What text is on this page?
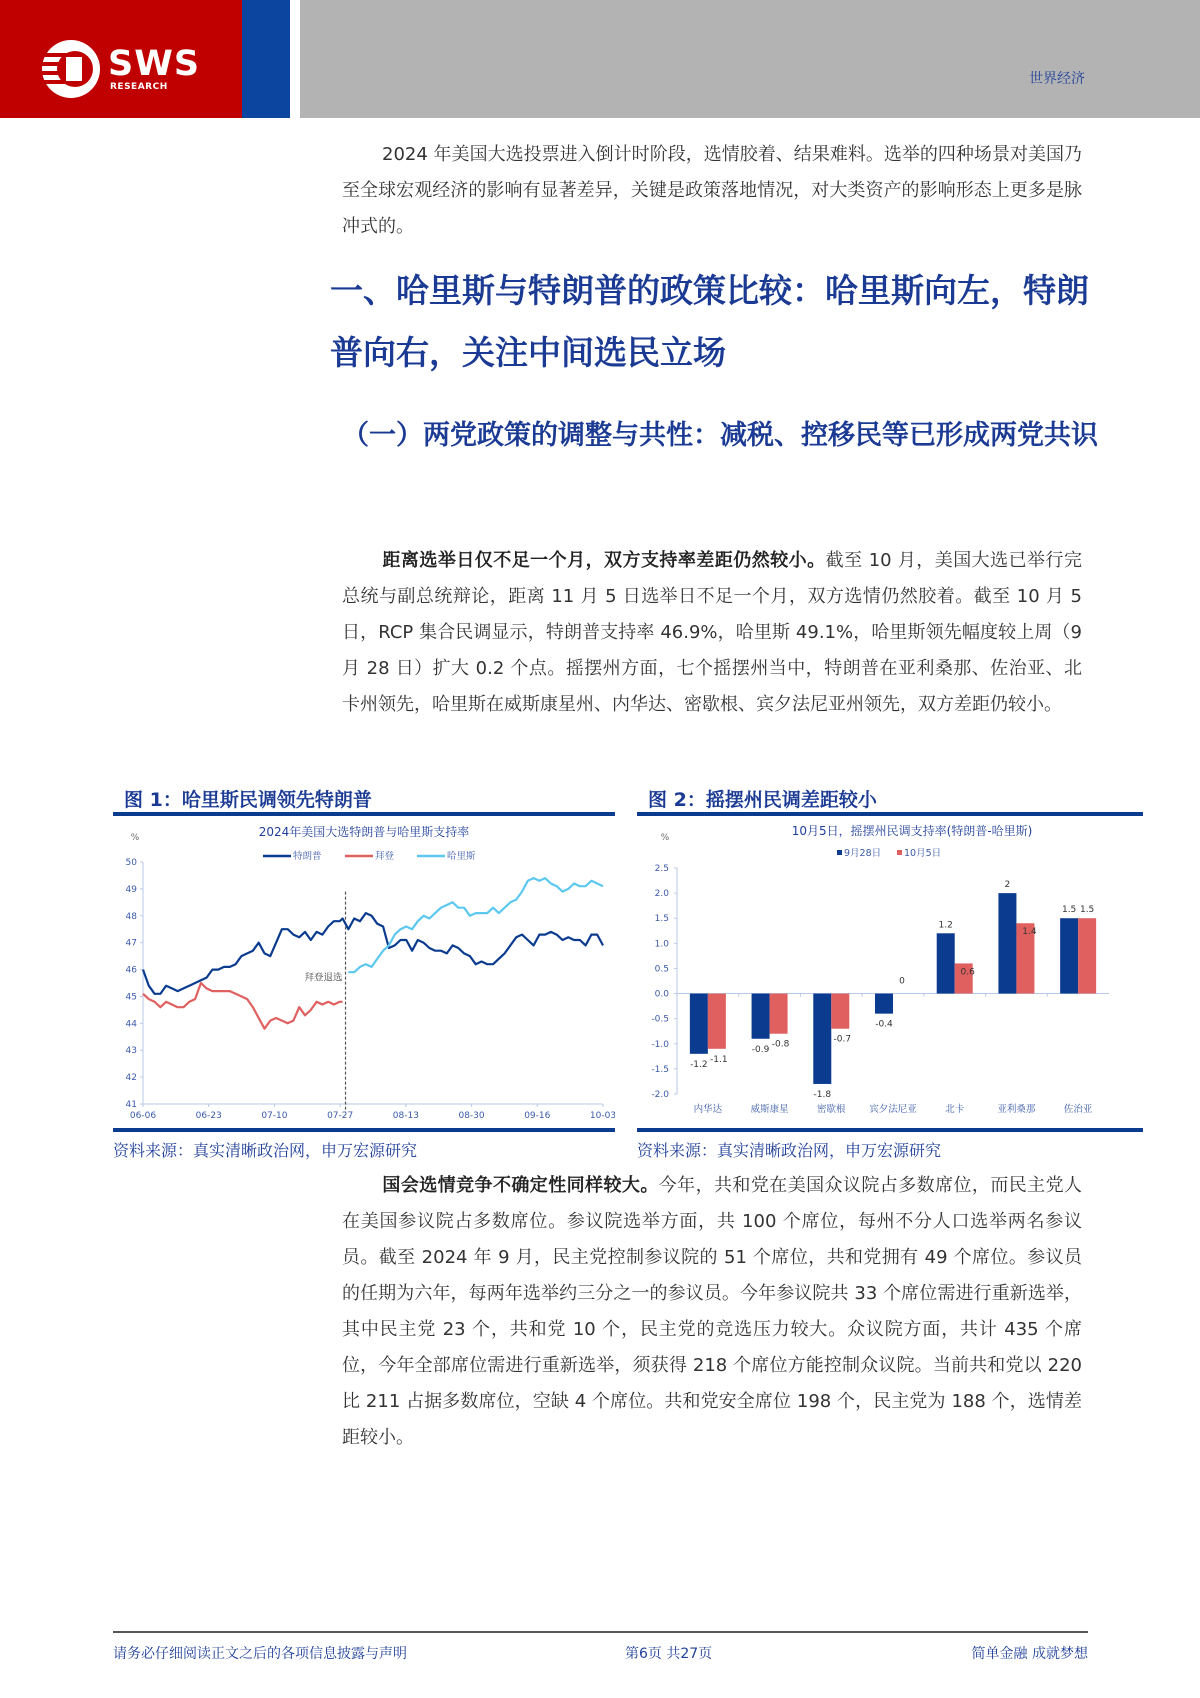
SWS
RESEARCH	世界经济
2024 年美国大选投票进入倒计时阶段，选情胶着、结果难料。选举的四种场景对美国乃至全球宏观经济的影响有显著差异，关键是政策落地情况，对大类资产的影响形态上更多是脉冲式的。
一、哈里斯与特朗普的政策比较：哈里斯向左，特朗普向右，关注中间选民立场
（一）两党政策的调整与共性：减税、控移民等已形成两党共识
距离选举日仅不足一个月，双方支持率差距仍然较小。截至 10 月，美国大选已举行完总统与副总统辩论，距离 11 月 5 日选举日不足一个月，双方选情仍然胶着。截至 10 月 5 日，RCP 集合民调显示，特朗普支持率 46.9%，哈里斯 49.1%，哈里斯领先幅度较上周（9 月 28 日）扩大 0.2 个点。摇摆州方面，七个摇摆州当中，特朗普在亚利桑那、佐治亚、北卡州领先，哈里斯在威斯康星州、内华达、密歇根、宾夕法尼亚州领先，双方差距仍较小。
图 1：哈里斯民调领先特朗普
2024年美国大选特朗普与哈里斯支持率
%
41
42
43
44
45
46
47
48
49
50
06-06	06-23	07-10	07-27	08-13	08-30	09-16	10-03
拜登退选
特朗普	拜登	哈里斯
资料来源：真实清晰政治网，申万宏源研究
图 2：摇摆州民调差距较小
10月5日，摇摆州民调支持率(特朗普-哈里斯)
%
-2.0
-1.5
-1.0
-0.5
0.0
0.5
1.0
1.5
2.0
2.5
-1.2
-1.1
内华达
-0.9
-0.8
威斯康星
-1.8
-0.7
密歇根
-0.4
0
宾夕法尼亚
1.2
0.6
北卡
2
1.4
亚利桑那
1.5 1.5
佐治亚
9月28日 10月5日
资料来源：真实清晰政治网，申万宏源研究
国会选情竞争不确定性同样较大。今年，共和党在美国众议院占多数席位，而民主党人在美国参议院占多数席位。参议院选举方面，共 100 个席位，每州不分人口选举两名参议员。截至 2024 年 9 月，民主党控制参议院的 51 个席位，共和党拥有 49 个席位。参议员的任期为六年，每两年选举约三分之一的参议员。今年参议院共 33 个席位需进行重新选举，其中民主党 23 个，共和党 10 个，民主党的竞选压力较大。众议院方面，共计 435 个席位，今年全部席位需进行重新选举，须获得 218 个席位方能控制众议院。当前共和党以 220 比 211 占据多数席位，空缺 4 个席位。共和党安全席位 198 个，民主党为 188 个，选情差距较小。
请务必仔细阅读正文之后的各项信息披露与声明	第6页 共27页	简单金融 成就梦想
